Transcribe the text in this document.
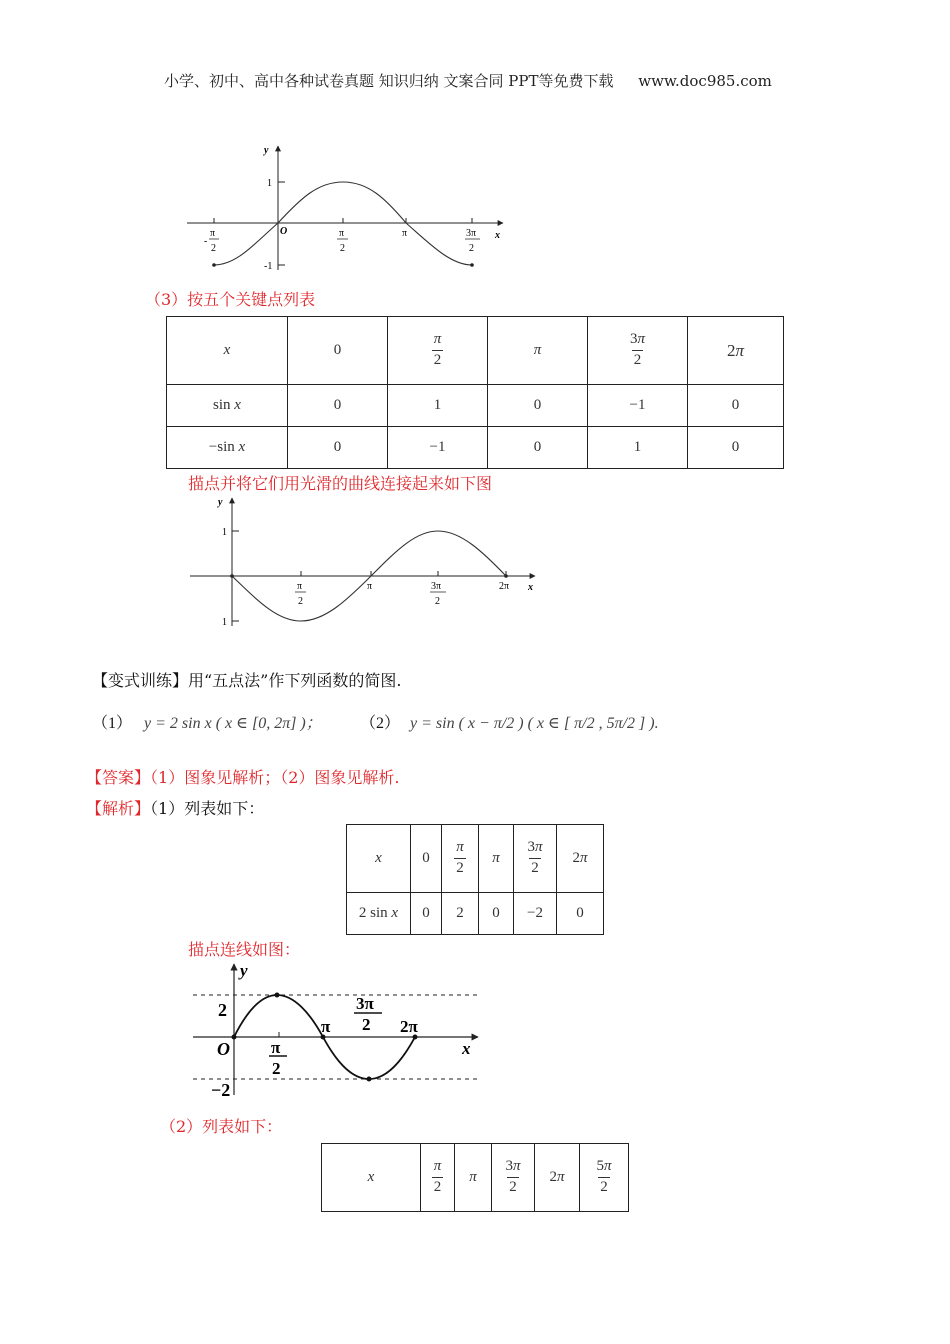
小学、初中、高中各种试卷真题 知识归纳 文案合同 PPT等免费下载 www.doc985.com
y
x
O
1
-1
-
π
2
π
2
π	3π
2
（3）按五个关键点列表
x	0	$\frac{\pi}{2}$	π	$\frac{3\pi}{2}$	2π
sin x	0	1	0	−1	0
−sin x	0	−1	0	1	0
描点并将它们用光滑的曲线连接起来如下图
y
x
1
1
π
2
π	3π
2
2π
【变式训练】用“五点法”作下列函数的简图.
（1） y = 2 sin x ( x ∈ [0, 2π] )； （2） y = sin ( x − π/2 ) ( x ∈ [ π/2 , 5π/2 ] ).
【答案】（1）图象见解析；（2）图象见解析.
【解析】（1）列表如下：
x	0	$\frac{\pi}{2}$	π	$\frac{3\pi}{2}$	2π
2 sin x	0	2	0	−2	0
描点连线如图：
y
x
O
2
−2
π
2
π
3π
2 2π
（2）列表如下：
x	$\frac{\pi}{2}$	π	$\frac{3\pi}{2}$	2π	$\frac{5\pi}{2}$
